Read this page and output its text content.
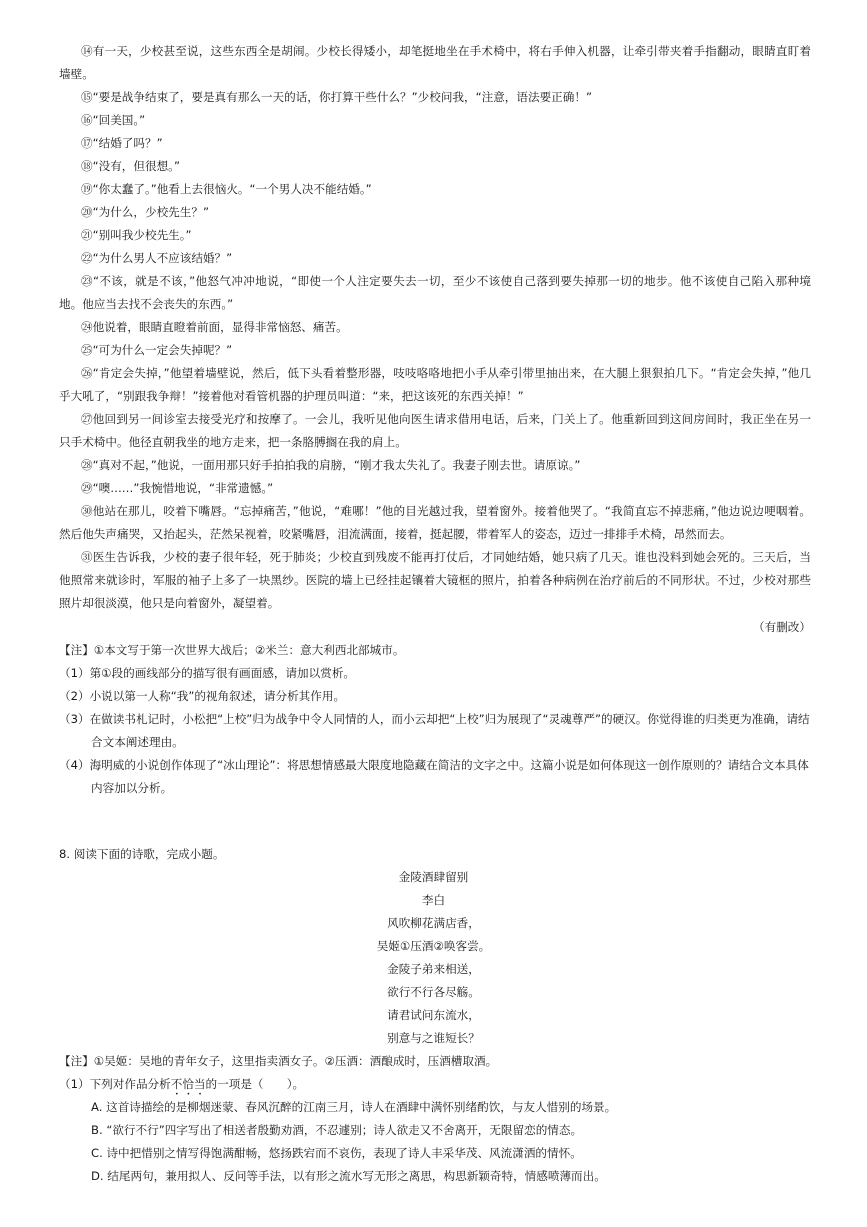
⑭有一天，少校甚至说，这些东西全是胡闹。少校长得矮小，却笔挺地坐在手术椅中，将右手伸入机器，让牵引带夹着手指翻动，眼睛直盯着墙壁。
⑮“要是战争结束了，要是真有那么一天的话，你打算干些什么？”少校问我，“注意，语法要正确！”
⑯“回美国。”
⑰“结婚了吗？”
⑱“没有，但很想。”
⑲“你太蠢了。”他看上去很恼火。“一个男人决不能结婚。”
⑳“为什么，少校先生？”
㉑“别叫我少校先生。”
㉒“为什么男人不应该结婚？”
㉓“不该，就是不该，”他怒气冲冲地说，“即使一个人注定要失去一切，至少不该使自己落到要失掉那一切的地步。他不该使自己陷入那种境地。他应当去找不会丧失的东西。”
㉔他说着，眼睛直瞪着前面，显得非常恼怒、痛苦。
㉕“可为什么一定会失掉呢？”
㉖“肯定会失掉，”他望着墙壁说，然后，低下头看着整形器，吱吱咯咯地把小手从牵引带里抽出来，在大腿上狠狠拍几下。“肯定会失掉，”他几乎大吼了，“别跟我争辩！”接着他对看管机器的护理员叫道：“来，把这该死的东西关掉！”
㉗他回到另一间诊室去接受光疗和按摩了。一会儿，我听见他向医生请求借用电话，后来，门关上了。他重新回到这间房间时，我正坐在另一只手术椅中。他径直朝我坐的地方走来，把一条胳膊搁在我的肩上。
㉘“真对不起，”他说，一面用那只好手拍拍我的肩膀，“刚才我太失礼了。我妻子刚去世。请原谅。”
㉙“噢……”我惋惜地说，“非常遗憾。”
㉚他站在那儿，咬着下嘴唇。“忘掉痛苦，”他说，“难哪！”他的目光越过我，望着窗外。接着他哭了。“我简直忘不掉悲痛，”他边说边哽咽着。然后他失声痛哭，又抬起头，茫然呆视着，咬紧嘴唇，泪流满面，接着，挺起腰，带着军人的姿态，迈过一排排手术椅，昂然而去。
㉛医生告诉我，少校的妻子很年轻，死于肺炎；少校直到残废不能再打仗后，才同她结婚，她只病了几天。谁也没料到她会死的。三天后，当他照常来就诊时，军服的袖子上多了一块黑纱。医院的墙上已经挂起镶着大镜框的照片，拍着各种病例在治疗前后的不同形状。不过，少校对那些照片却很淡漠，他只是向着窗外，凝望着。
（有删改）
【注】①本文写于第一次世界大战后；②米兰：意大利西北部城市。
（1）第①段的画线部分的描写很有画面感，请加以赏析。
（2）小说以第一人称“我”的视角叙述，请分析其作用。
（3）在做读书札记时，小松把“上校”归为战争中令人同情的人，而小云却把“上校”归为展现了“灵魂尊严”的硬汉。你觉得谁的归类更为准确，请结合文本阐述理由。
（4）海明威的小说创作体现了“冰山理论”：将思想情感最大限度地隐藏在简洁的文字之中。这篇小说是如何体现这一创作原则的？请结合文本具体内容加以分析。
8. 阅读下面的诗歌，完成小题。
金陵酒肆留别
李白
风吹柳花满店香，
吴姬①压酒②唤客尝。
金陵子弟来相送，
欲行不行各尽觞。
请君试问东流水，
别意与之谁短长？
【注】①吴姬：吴地的青年女子，这里指卖酒女子。②压酒：酒酿成时，压酒槽取酒。
（1）下列对作品分析不恰当的一项是（　　）。
A. 这首诗描绘的是柳烟迷蒙、春风沉醉的江南三月，诗人在酒肆中满怀别绪酌饮，与友人惜别的场景。
B. “欲行不行”四字写出了相送者殷勤劝酒，不忍遽别；诗人欲走又不舍离开，无限留恋的情态。
C. 诗中把惜别之情写得饱满酣畅，悠扬跌宕而不哀伤，表现了诗人丰采华茂、风流潇洒的情怀。
D. 结尾两句，兼用拟人、反问等手法，以有形之流水写无形之离思，构思新颖奇特，情感喷薄而出。
